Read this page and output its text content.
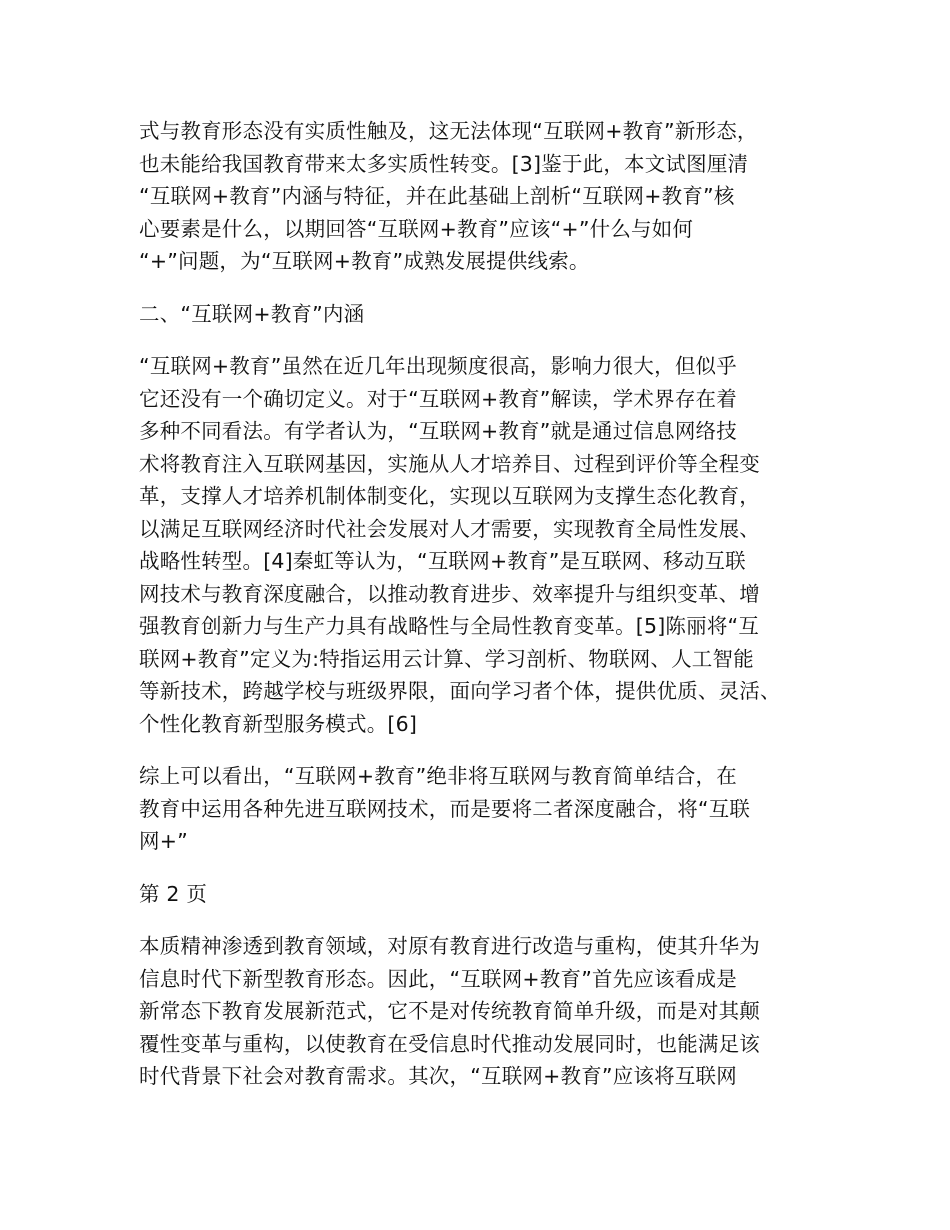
式与教育形态没有实质性触及，这无法体现“互联网+教育”新形态，
也未能给我国教育带来太多实质性转变。[3]鉴于此，本文试图厘清
“互联网+教育”内涵与特征，并在此基础上剖析“互联网+教育”核
心要素是什么，以期回答“互联网+教育”应该“+”什么与如何
“+”问题，为“互联网+教育”成熟发展提供线索。
二、“互联网+教育”内涵
“互联网+教育”虽然在近几年出现频度很高，影响力很大，但似乎
它还没有一个确切定义。对于“互联网+教育”解读，学术界存在着
多种不同看法。有学者认为，“互联网+教育”就是通过信息网络技
术将教育注入互联网基因，实施从人才培养目、过程到评价等全程变
革，支撑人才培养机制体制变化，实现以互联网为支撑生态化教育，
以满足互联网经济时代社会发展对人才需要，实现教育全局性发展、
战略性转型。[4]秦虹等认为，“互联网+教育”是互联网、移动互联
网技术与教育深度融合，以推动教育进步、效率提升与组织变革、增
强教育创新力与生产力具有战略性与全局性教育变革。[5]陈丽将“互
联网+教育”定义为:特指运用云计算、学习剖析、物联网、人工智能
等新技术，跨越学校与班级界限，面向学习者个体，提供优质、灵活、
个性化教育新型服务模式。[6]
综上可以看出，“互联网+教育”绝非将互联网与教育简单结合，在
教育中运用各种先进互联网技术，而是要将二者深度融合，将“互联
网+”
第 2 页
本质精神渗透到教育领域，对原有教育进行改造与重构，使其升华为
信息时代下新型教育形态。因此，“互联网+教育”首先应该看成是
新常态下教育发展新范式，它不是对传统教育简单升级，而是对其颠
覆性变革与重构，以使教育在受信息时代推动发展同时，也能满足该
时代背景下社会对教育需求。其次，“互联网+教育”应该将互联网
